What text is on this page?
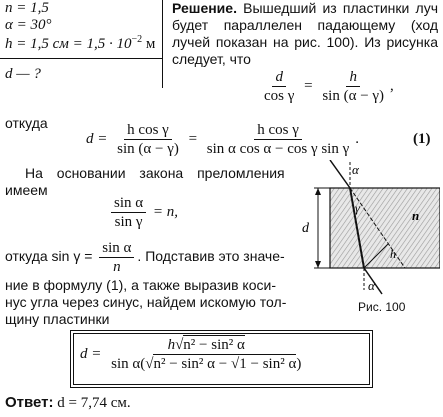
n = 1,5
α = 30°
h = 1,5 см = $1,5 \cdot 10^{-2}$ м
d — ?
Решение. Вышедший из пластинки луч будет параллелен падающему (ход лучей показан на рис. 100). Из рисунка следует, что
$\frac{d}{\text{cos γ}} = \frac{h}{\sin (\alpha - \gamma)}$ ,
откуда
$d = \frac{\text{h cos γ}}{\sin (\alpha - \gamma)} = \frac{\text{h cos γ}}{\text{sin α cos α − cos γ sin γ}}$ .	(1)
На основании закона преломления
имеем
$\frac{\text{sin α}}{\text{sin γ}} = n$,
откуда $\sin \gamma = \frac{\text{sin α}}{n}$ . Подставив это значе-
ние в формулу (1), а также выразив коси-
нус угла через синус, найдем искомую тол-
щину пластинки
$d = \frac{\text{h√n² − sin² α}}{\text{sin α(√n² − sin² α − √1 − sin² α)}}$
Ответ: d = 7,74 см.
α
d
n
γ
h
α
Рис. 100
